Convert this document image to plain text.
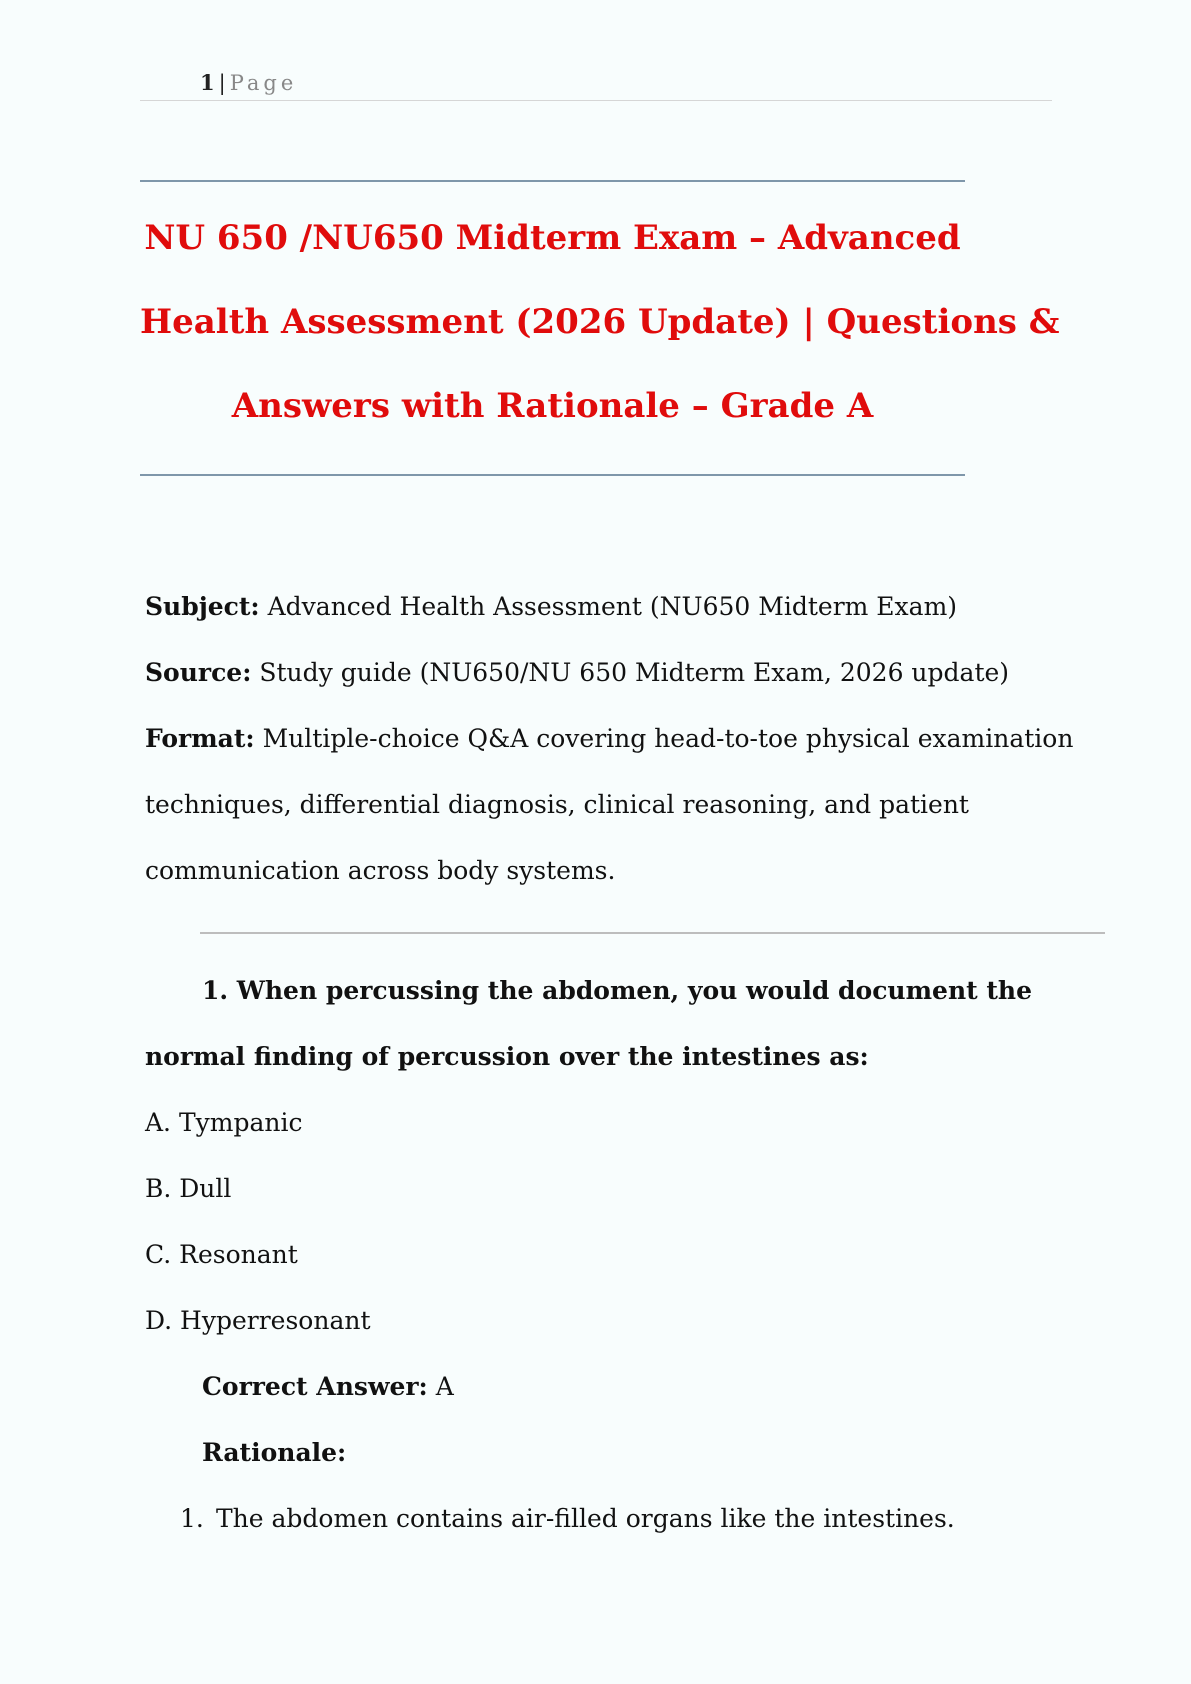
1 | Page
NU 650 /NU650 Midterm Exam – Advanced
Health Assessment (2026 Update) | Questions &
Answers with Rationale – Grade A
Subject: Advanced Health Assessment (NU650 Midterm Exam)
Source: Study guide (NU650/NU 650 Midterm Exam, 2026 update)
Format: Multiple-choice Q&A covering head-to-toe physical examination
techniques, differential diagnosis, clinical reasoning, and patient
communication across body systems.
1. When percussing the abdomen, you would document the
normal finding of percussion over the intestines as:
A. Tympanic
B. Dull
C. Resonant
D. Hyperresonant
Correct Answer: A
Rationale:
1. The abdomen contains air-filled organs like the intestines.
